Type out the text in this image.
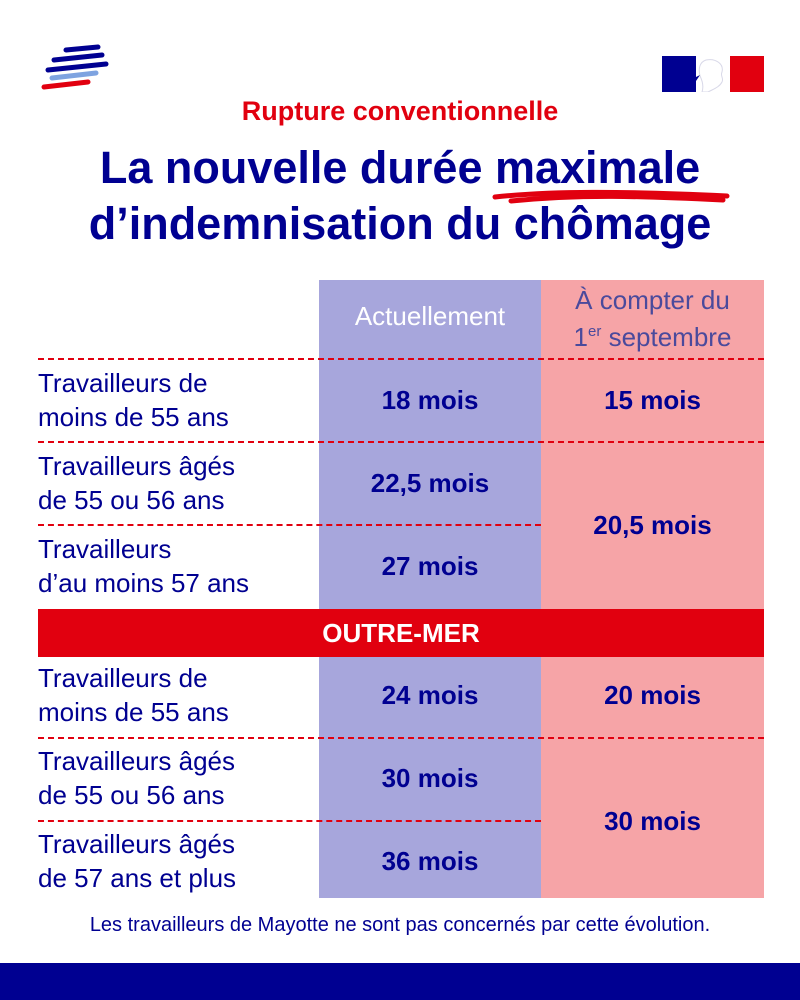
Rupture conventionnelle
La nouvelle durée maximale
d’indemnisation du chômage
Actuellement
À compter du
1er septembre
Travailleurs de
moins de 55 ans
18 mois	15 mois
Travailleurs âgés
de 55 ou 56 ans
22,5 mois
20,5 mois
Travailleurs
d’au moins 57 ans
27 mois
OUTRE-MER
Travailleurs de
moins de 55 ans
24 mois	20 mois
Travailleurs âgés
de 55 ou 56 ans
30 mois
30 mois
Travailleurs âgés
de 57 ans et plus
36 mois
Les travailleurs de Mayotte ne sont pas concernés par cette évolution.
